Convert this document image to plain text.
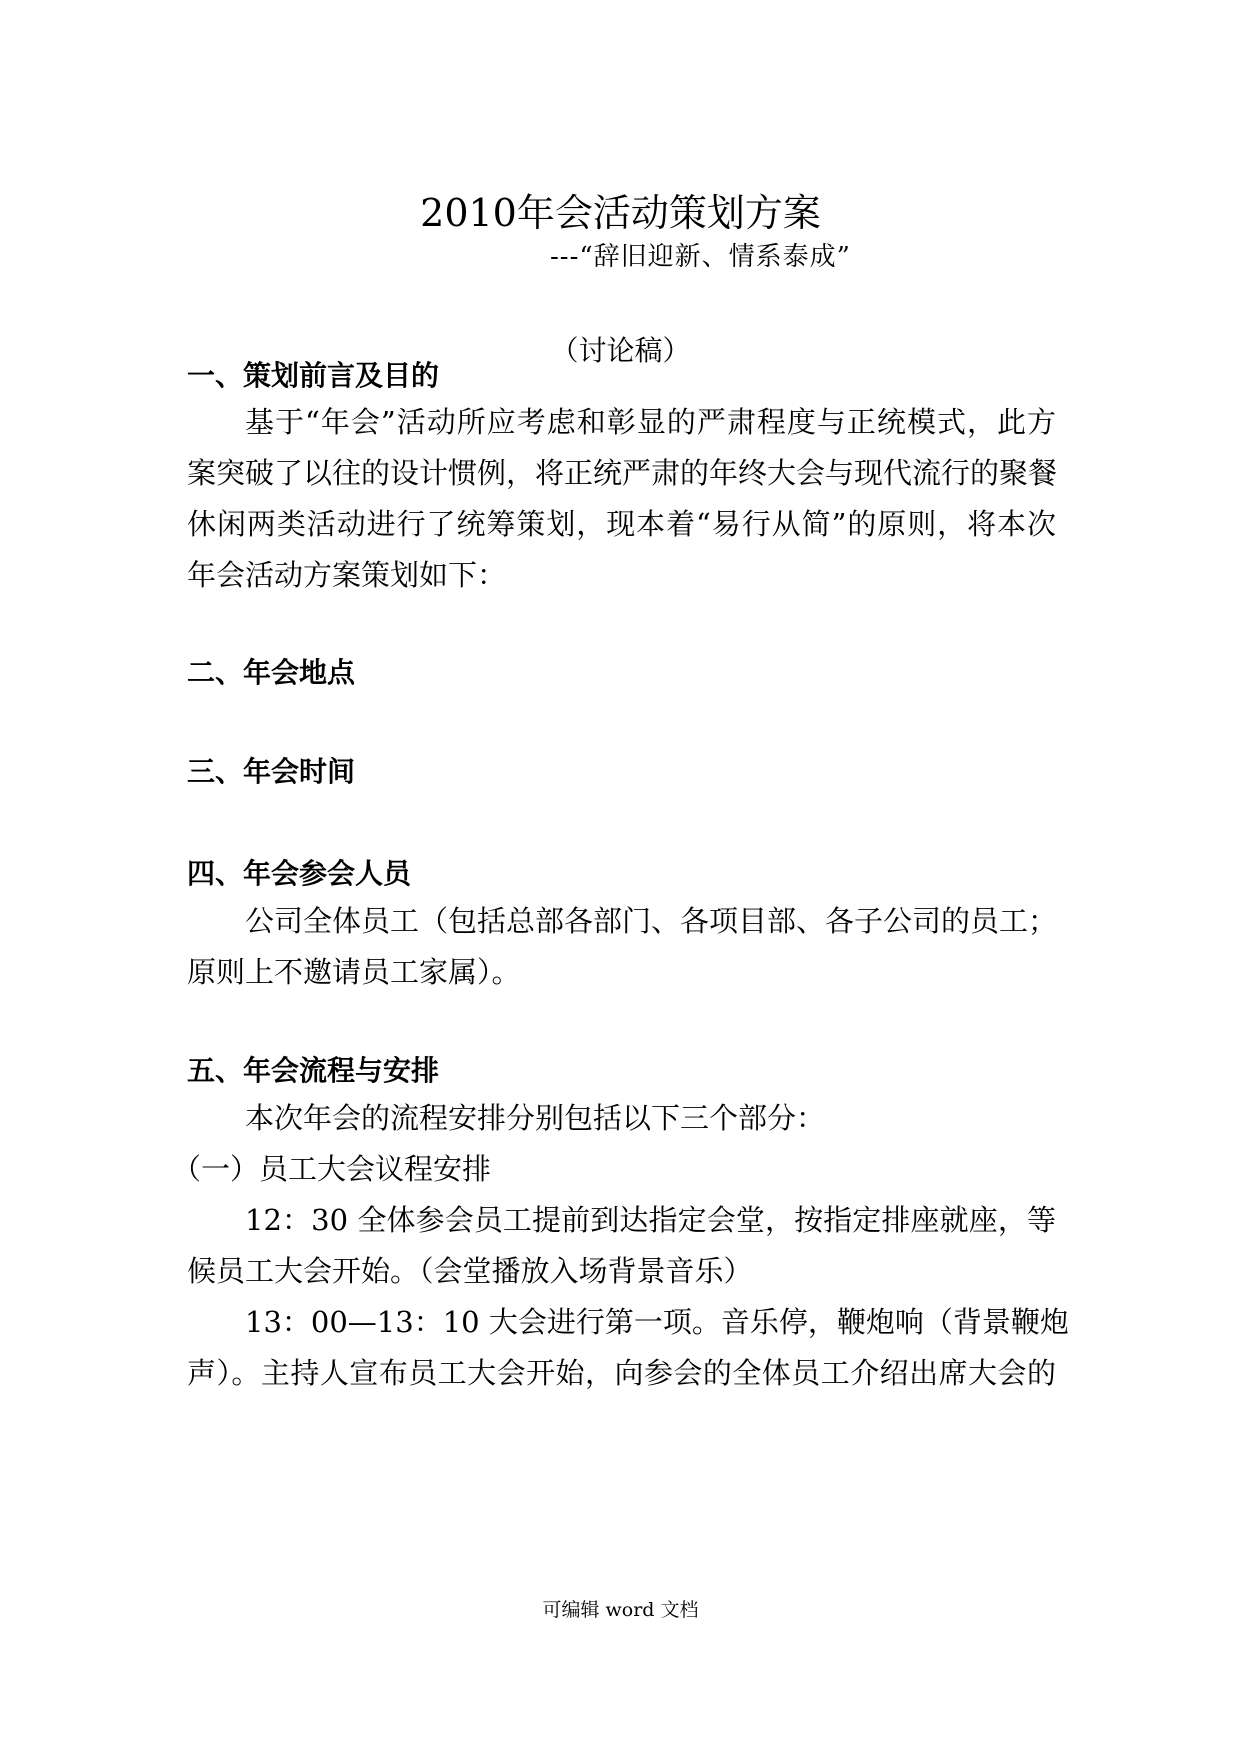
2010年会活动策划方案
---“辞旧迎新、情系泰成”
（讨论稿）
一、策划前言及目的
基于“年会”活动所应考虑和彰显的严肃程度与正统模式，此方
案突破了以往的设计惯例，将正统严肃的年终大会与现代流行的聚餐
休闲两类活动进行了统筹策划，现本着“易行从简”的原则，将本次
年会活动方案策划如下：
二、年会地点
三、年会时间
四、年会参会人员
公司全体员工（包括总部各部门、各项目部、各子公司的员工；
原则上不邀请员工家属）。
五、年会流程与安排
本次年会的流程安排分别包括以下三个部分：
（一）员工大会议程安排
12：30 全体参会员工提前到达指定会堂，按指定排座就座，等
候员工大会开始。（会堂播放入场背景音乐）
13：00—13：10 大会进行第一项。音乐停，鞭炮响（背景鞭炮
声）。主持人宣布员工大会开始，向参会的全体员工介绍出席大会的
可编辑 word 文档
